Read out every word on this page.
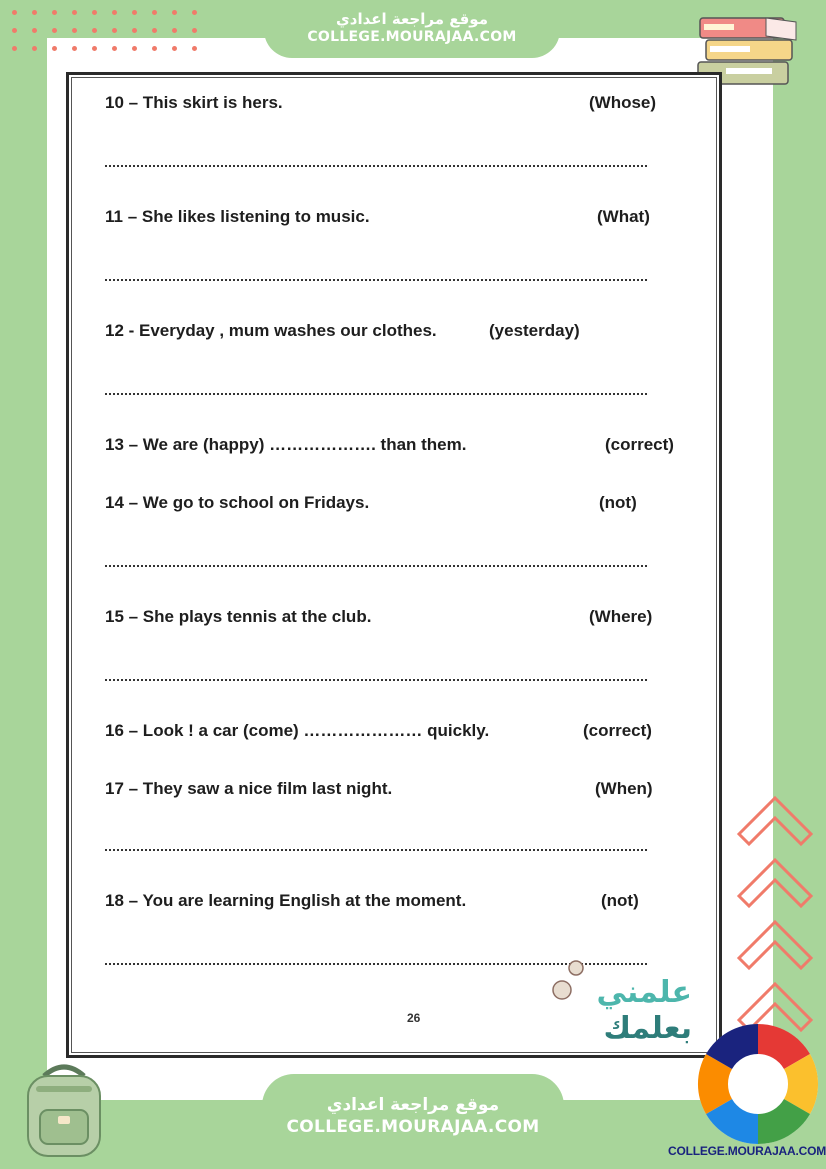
موقع مراجعة اعدادي
COLLEGE.MOURAJAA.COM
10 – This skirt is hers.	(Whose)
11 – She likes listening to music.	(What)
12 - Everyday , mum washes our clothes.	(yesterday)
13 – We are (happy) ………………. than them.	(correct)
14 – We go to school on Fridays.	(not)
15 – She plays tennis at the club.	(Where)
16 – Look ! a car (come) ………………… quickly.	(correct)
17 – They saw a nice film last night.	(When)
18 – You are learning English at the moment.	(not)
26
علمني
بعلمك
موقع مراجعة اعدادي
COLLEGE.MOURAJAA.COM
COLLEGE.MOURAJAA.COM
